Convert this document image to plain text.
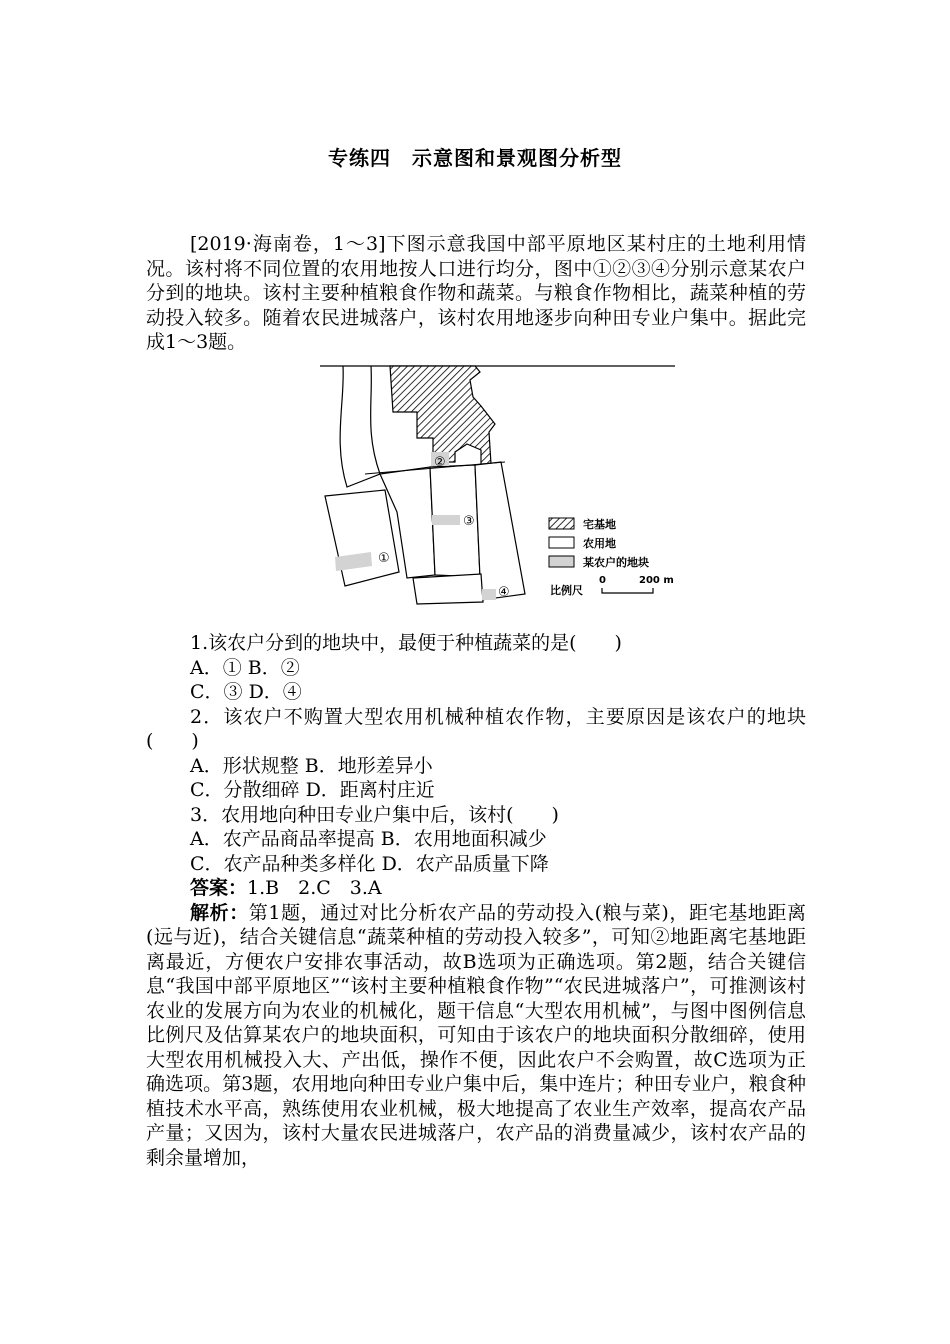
专练四　示意图和景观图分析型

[2019·海南卷，1～3]下图示意我国中部平原地区某村庄的土地利用情况。该村将不同位置的农用地按人口进行均分，图中①②③④分别示意某农户分到的地块。该村主要种植粮食作物和蔬菜。与粮食作物相比，蔬菜种植的劳动投入较多。随着农民进城落户，该村农用地逐步向种田专业户集中。据此完成1～3题。

①
②
③
④
宅基地
农用地
某农户的地块
比例尺
0	200 m

1.该农户分到的地块中，最便于种植蔬菜的是(　　)

A．① B．②

C．③ D．④

2．该农户不购置大型农用机械种植农作物，主要原因是该农户的地块(　　)

A．形状规整 B．地形差异小

C．分散细碎 D．距离村庄近

3．农用地向种田专业户集中后，该村(　　)

A．农产品商品率提高 B．农用地面积减少

C．农产品种类多样化 D．农产品质量下降

答案：1.B　2.C　3.A

解析：第1题，通过对比分析农产品的劳动投入(粮与菜)，距宅基地距离(远与近)，结合关键信息“蔬菜种植的劳动投入较多”，可知②地距离宅基地距离最近，方便农户安排农事活动，故B选项为正确选项。第2题，结合关键信息“我国中部平原地区”“该村主要种植粮食作物”“农民进城落户”，可推测该村农业的发展方向为农业的机械化，题干信息“大型农用机械”，与图中图例信息比例尺及估算某农户的地块面积，可知由于该农户的地块面积分散细碎，使用大型农用机械投入大、产出低，操作不便，因此农户不会购置，故C选项为正确选项。第3题，农用地向种田专业户集中后，集中连片；种田专业户，粮食种植技术水平高，熟练使用农业机械，极大地提高了农业生产效率，提高农产品产量；又因为，该村大量农民进城落户，农产品的消费量减少，该村农产品的剩余量增加，
